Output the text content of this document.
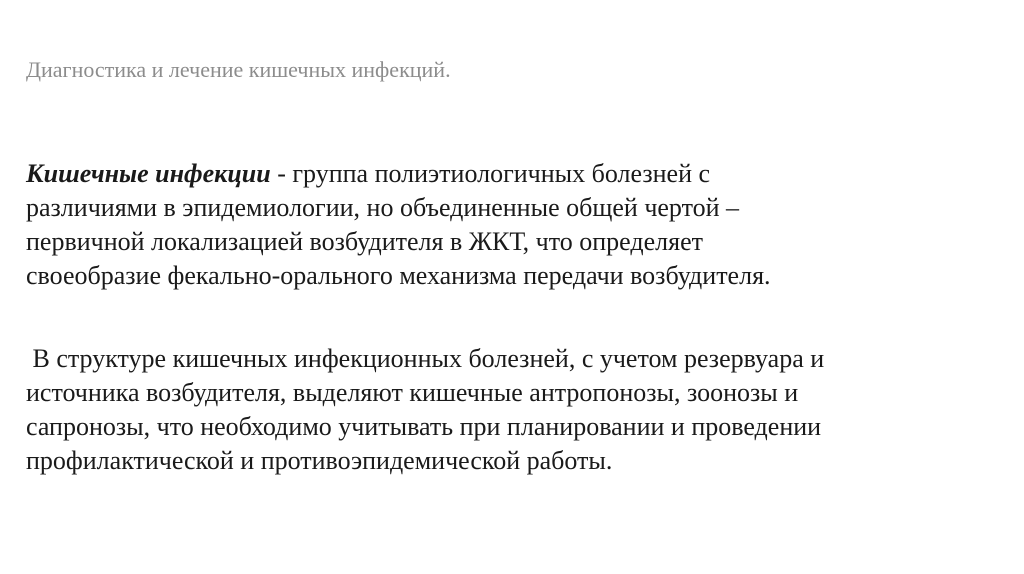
Диагностика и лечение кишечных инфекций.
Кишечные инфекции - группа полиэтиологичных болезней с
различиями в эпидемиологии, но объединенные общей чертой –
первичной локализацией возбудителя в ЖКТ, что определяет
своеобразие фекально-орального механизма передачи возбудителя.
В структуре кишечных инфекционных болезней, с учетом резервуара и
источника возбудителя, выделяют кишечные антропонозы, зоонозы и
сапронозы, что необходимо учитывать при планировании и проведении
профилактической и противоэпидемической работы.
